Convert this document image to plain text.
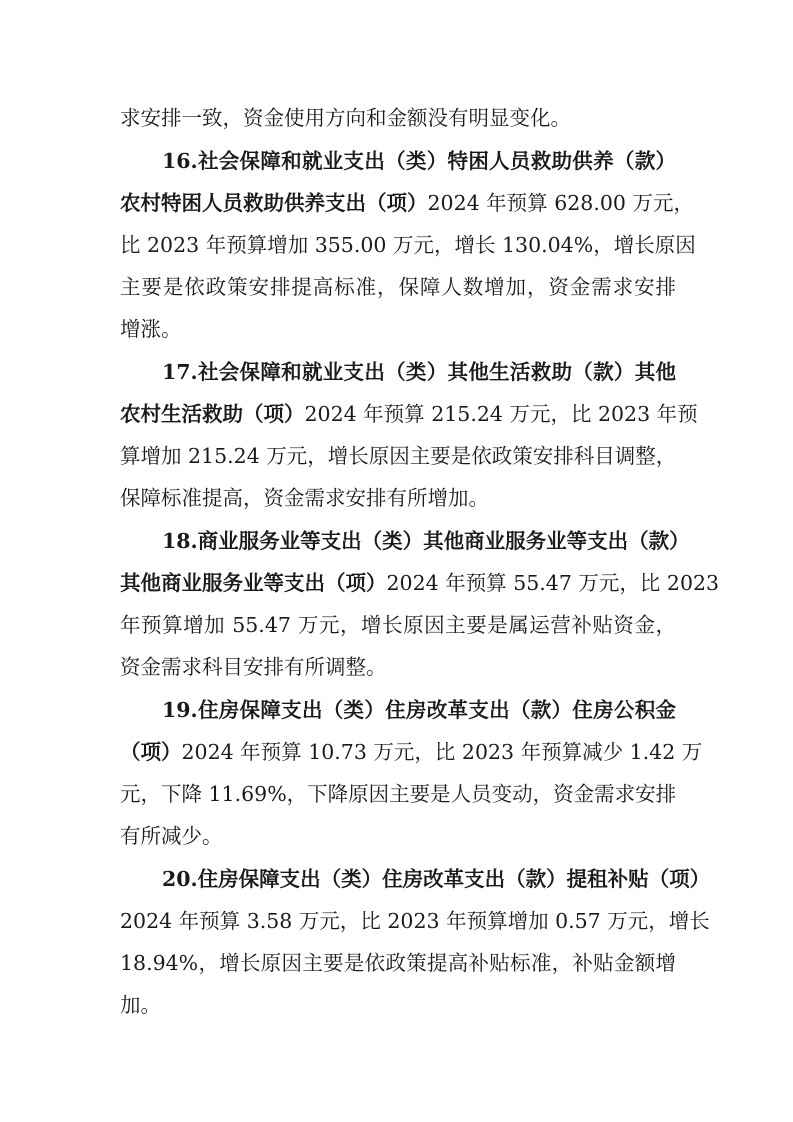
求安排一致，资金使用方向和金额没有明显变化。
16.社会保障和就业支出（类）特困人员救助供养（款）
农村特困人员救助供养支出（项）2024 年预算 628.00 万元，
比 2023 年预算增加 355.00 万元，增长 130.04%，增长原因
主要是依政策安排提高标准，保障人数增加，资金需求安排
增涨。
17.社会保障和就业支出（类）其他生活救助（款）其他
农村生活救助（项）2024 年预算 215.24 万元，比 2023 年预
算增加 215.24 万元，增长原因主要是依政策安排科目调整，
保障标准提高，资金需求安排有所增加。
18.商业服务业等支出（类）其他商业服务业等支出（款）
其他商业服务业等支出（项）2024 年预算 55.47 万元，比 2023
年预算增加 55.47 万元，增长原因主要是属运营补贴资金，
资金需求科目安排有所调整。
19.住房保障支出（类）住房改革支出（款）住房公积金
（项）2024 年预算 10.73 万元，比 2023 年预算减少 1.42 万
元，下降 11.69%，下降原因主要是人员变动，资金需求安排
有所减少。
20.住房保障支出（类）住房改革支出（款）提租补贴（项）
2024 年预算 3.58 万元，比 2023 年预算增加 0.57 万元，增长
18.94%，增长原因主要是依政策提高补贴标准，补贴金额增
加。
